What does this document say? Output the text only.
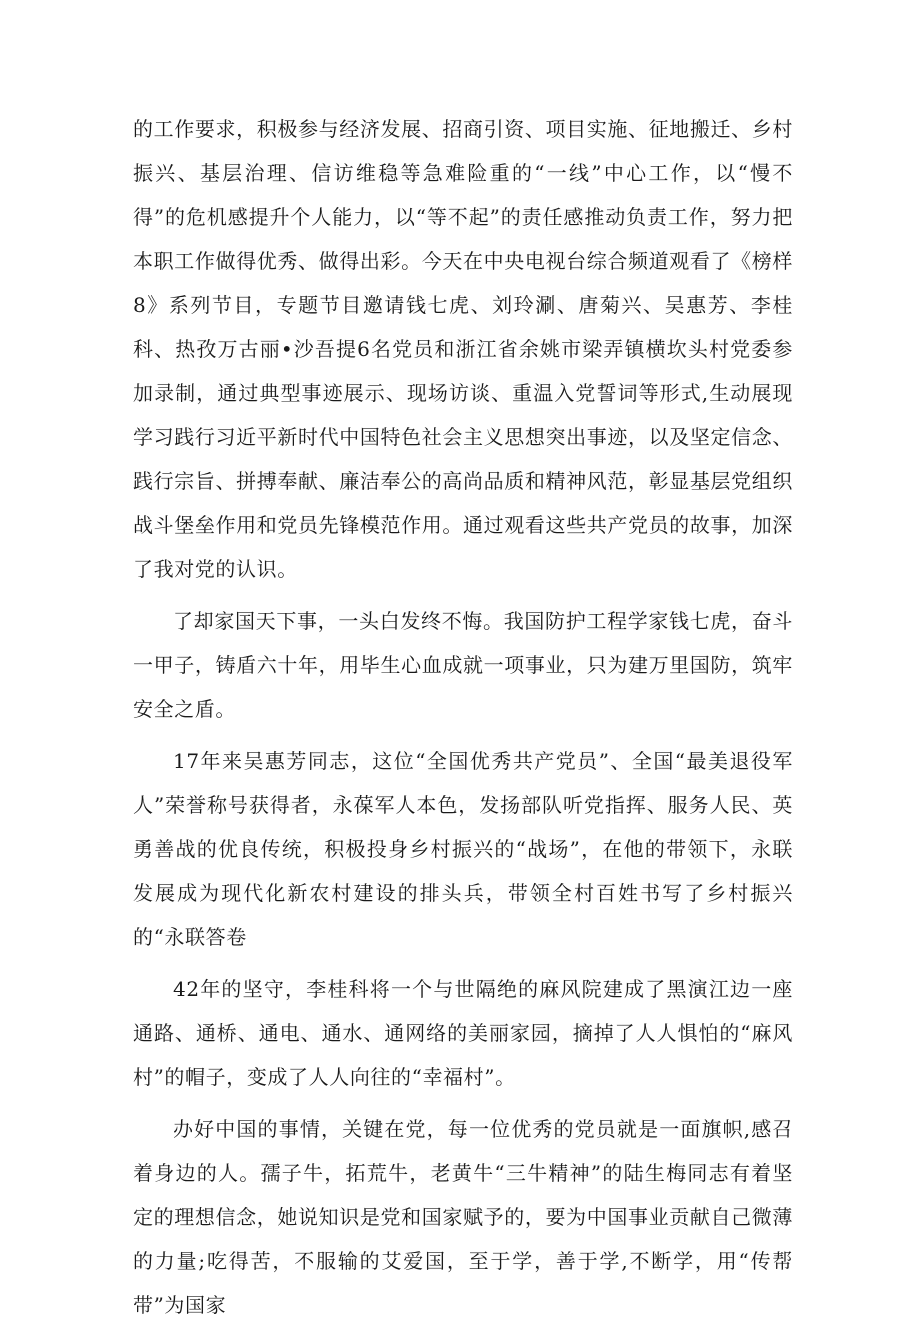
的工作要求，积极参与经济发展、招商引资、项目实施、征地搬迁、乡村振兴、基层治理、信访维稳等急难险重的“一线”中心工作，以“慢不得”的危机感提升个人能力，以“等不起”的责任感推动负责工作，努力把本职工作做得优秀、做得出彩。今天在中央电视台综合频道观看了《榜样8》系列节目，专题节目邀请钱七虎、刘玲涮、唐菊兴、吴惠芳、李桂科、热孜万古丽•沙吾提6名党员和浙江省余姚市梁弄镇横坎头村党委参加录制，通过典型事迹展示、现场访谈、重温入党誓词等形式,生动展现学习践行习近平新时代中国特色社会主义思想突出事迹，以及坚定信念、践行宗旨、拼搏奉献、廉洁奉公的高尚品质和精神风范，彰显基层党组织战斗堡垒作用和党员先锋模范作用。通过观看这些共产党员的故事，加深了我对党的认识。

了却家国天下事，一头白发终不悔。我国防护工程学家钱七虎，奋斗一甲子，铸盾六十年，用毕生心血成就一项事业，只为建万里国防，筑牢安全之盾。

17年来吴惠芳同志，这位“全国优秀共产党员”、全国“最美退役军人”荣誉称号获得者，永葆军人本色，发扬部队听党指挥、服务人民、英勇善战的优良传统，积极投身乡村振兴的“战场”，在他的带领下，永联发展成为现代化新农村建设的排头兵，带领全村百姓书写了乡村振兴的“永联答卷

42年的坚守，李桂科将一个与世隔绝的麻风院建成了黑演江边一座通路、通桥、通电、通水、通网络的美丽家园，摘掉了人人惧怕的“麻风村”的帽子，变成了人人向往的“幸福村”。

办好中国的事情，关键在党，每一位优秀的党员就是一面旗帜,感召着身边的人。孺子牛，拓荒牛，老黄牛“三牛精神”的陆生梅同志有着坚定的理想信念，她说知识是党和国家赋予的，要为中国事业贡献自己微薄的力量;吃得苦，不服输的艾爱国，至于学，善于学,不断学，用“传帮带”为国家
